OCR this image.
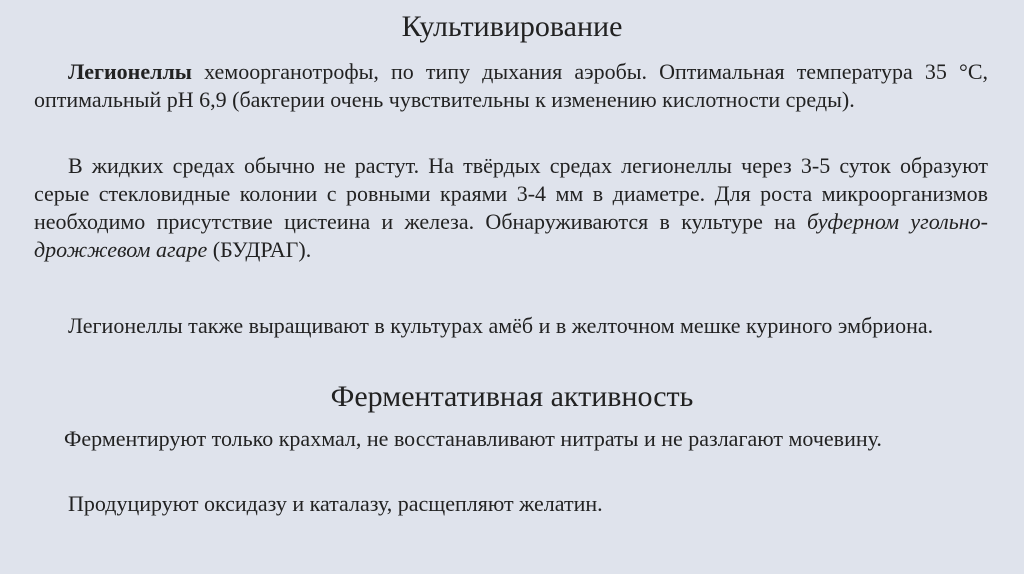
Культивирование
Легионеллы хемоорганотрофы, по типу дыхания аэробы. Оптимальная температура 35 °С, оптимальный рН 6,9 (бактерии очень чувствительны к изменению кислотности среды).
В жидких средах обычно не растут. На твёрдых средах легионеллы через 3-5 суток образуют серые стекловидные колонии с ровными краями 3-4 мм в диаметре. Для роста микроорганизмов необходимо присутствие цистеина и железа. Обнаруживаются в культуре на буферном угольно-дрожжевом агаре (БУДРАГ).
Легионеллы также выращивают в культурах амёб и в желточном мешке куриного эмбриона.
Ферментативная активность
Ферментируют только крахмал, не восстанавливают нитраты и не разлагают мочевину.
Продуцируют оксидазу и каталазу, расщепляют желатин.
